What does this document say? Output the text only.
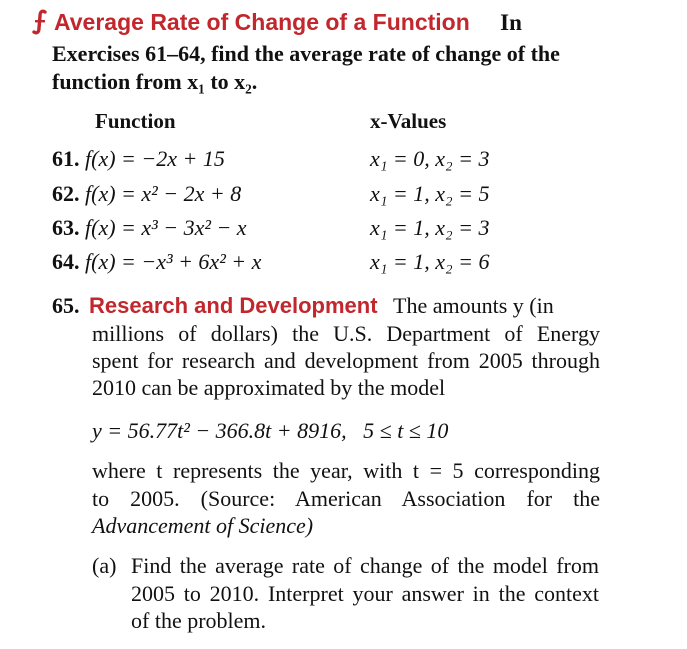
Average Rate of Change of a Function In
Exercises 61–64, find the average rate of change of the
function from x₁ to x₂.
Function	x-Values
61. f(x) = −2x + 15	x₁ = 0, x₂ = 3
62. f(x) = x² − 2x + 8	x₁ = 1, x₂ = 5
63. f(x) = x³ − 3x² − x	x₁ = 1, x₂ = 3
64. f(x) = −x³ + 6x² + x	x₁ = 1, x₂ = 6
65. Research and Development The amounts y (in
millions of dollars) the U.S. Department of Energy
spent for research and development from 2005 through
2010 can be approximated by the model
y = 56.77t² − 366.8t + 8916,   5 ≤ t ≤ 10
where t represents the year, with t = 5 corresponding
to 2005. (Source: American Association for the
Advancement of Science)
(a) Find the average rate of change of the model from
2005 to 2010. Interpret your answer in the context
of the problem.
